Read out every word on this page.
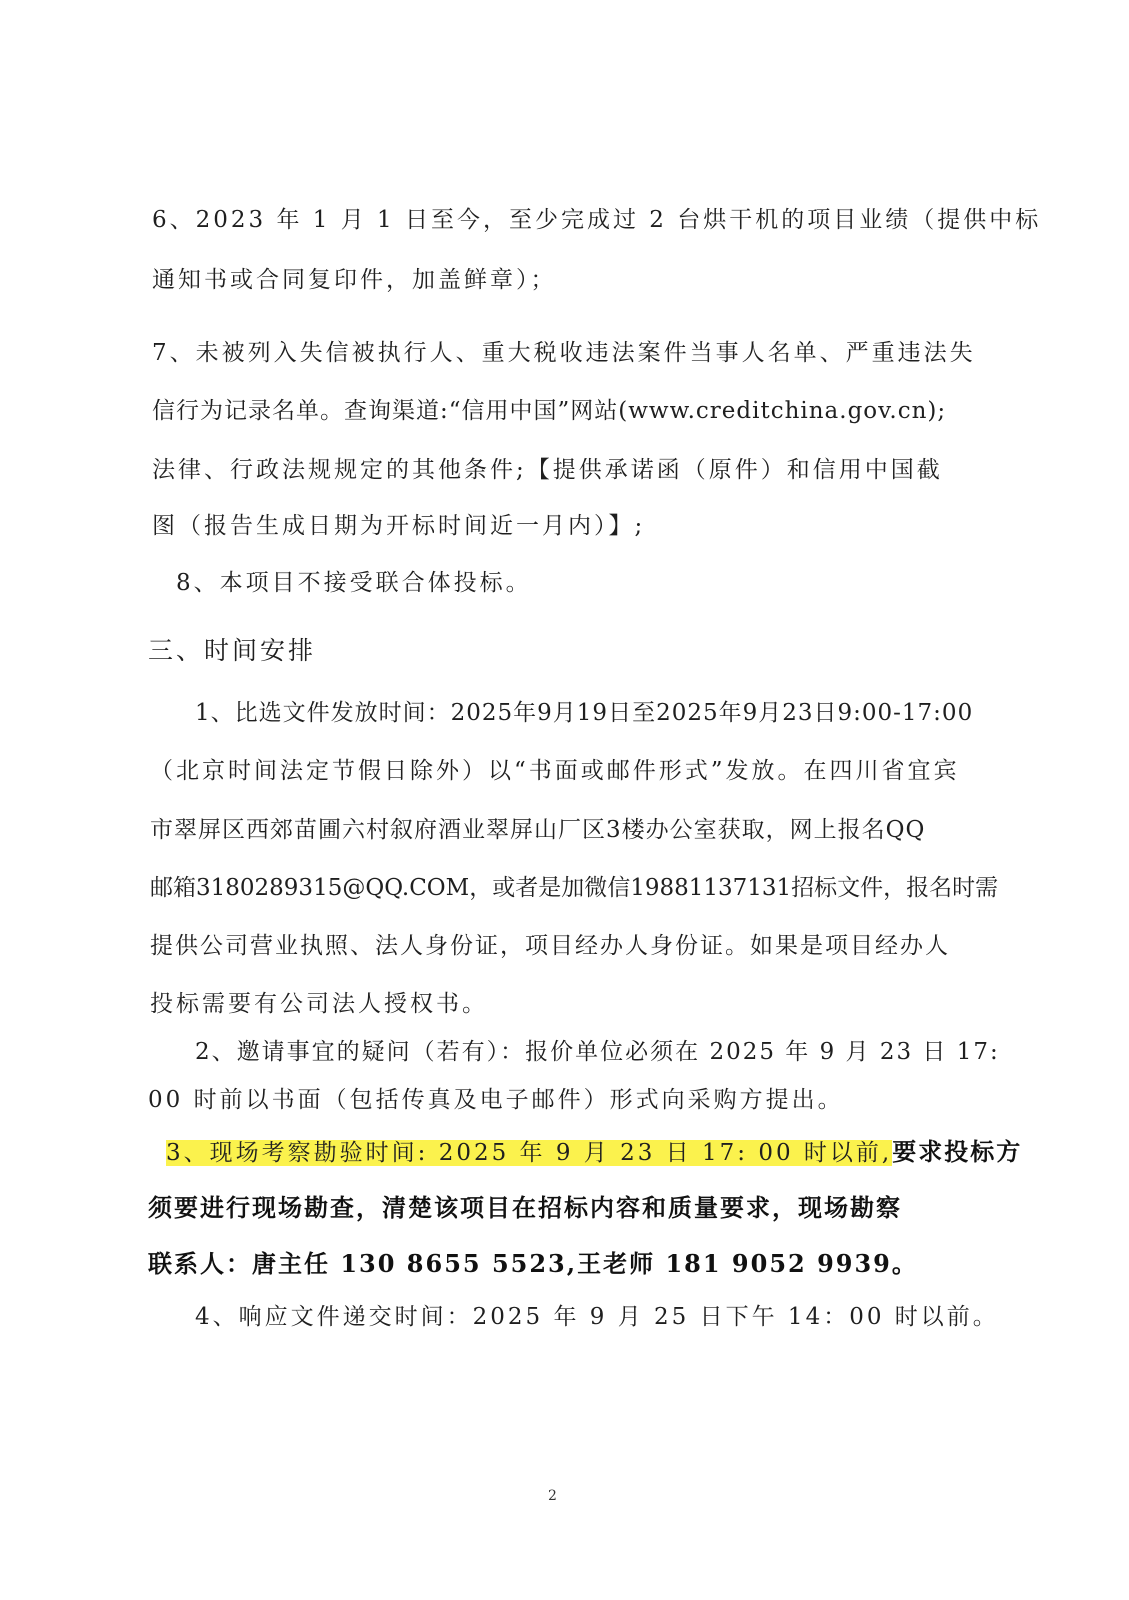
6、2023 年 1 月 1 日至今，至少完成过 2 台烘干机的项目业绩（提供中标
通知书或合同复印件，加盖鲜章）；
7、未被列入失信被执行人、重大税收违法案件当事人名单、严重违法失
信行为记录名单。查询渠道:“信用中国”网站(www.creditchina.gov.cn);
法律、行政法规规定的其他条件;【提供承诺函（原件）和信用中国截
图（报告生成日期为开标时间近一月内）】;
8、本项目不接受联合体投标。
三、时间安排
1、比选文件发放时间：2025年9月19日至2025年9月23日9:00-17:00
（北京时间法定节假日除外）以“书面或邮件形式”发放。在四川省宜宾
市翠屏区西郊苗圃六村叙府酒业翠屏山厂区3楼办公室获取，网上报名QQ
邮箱3180289315@QQ.COM，或者是加微信19881137131招标文件，报名时需
提供公司营业执照、法人身份证，项目经办人身份证。如果是项目经办人
投标需要有公司法人授权书。
2、邀请事宜的疑问（若有）：报价单位必须在 2025 年 9 月 23 日 17:
00 时前以书面（包括传真及电子邮件）形式向采购方提出。
3、现场考察勘验时间: 2025 年 9 月 23 日 17: 00 时以前,要求投标方
须要进行现场勘查，清楚该项目在招标内容和质量要求，现场勘察
联系人：唐主任 130 8655 5523,王老师 181 9052 9939。
4、响应文件递交时间：2025 年 9 月 25 日下午 14：00 时以前。
2
